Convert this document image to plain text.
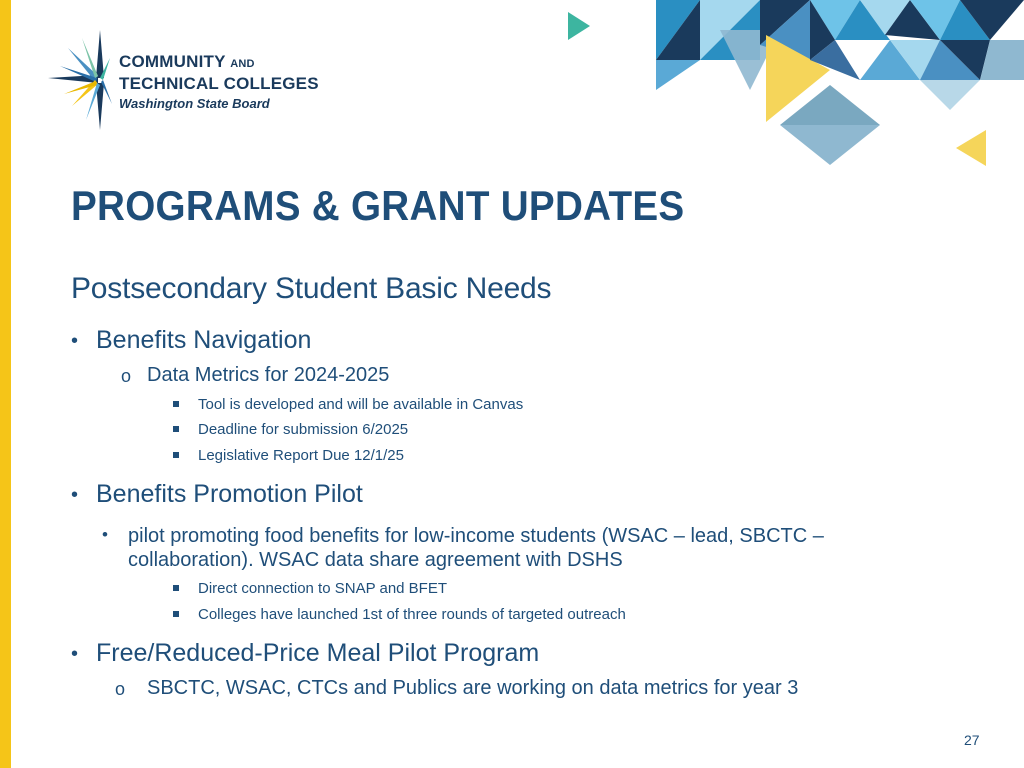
COMMUNITY AND
TECHNICAL COLLEGES
Washington State Board
PROGRAMS & GRANT UPDATES
Postsecondary Student Basic Needs
• Benefits Navigation
o Data Metrics for 2024-2025
Tool is developed and will be available in Canvas
Deadline for submission 6/2025
Legislative Report Due 12/1/25
• Benefits Promotion Pilot
• pilot promoting food benefits for low-income students (WSAC – lead, SBCTC –
collaboration). WSAC data share agreement with DSHS
Direct connection to SNAP and BFET
Colleges have launched 1st of three rounds of targeted outreach
• Free/Reduced-Price Meal Pilot Program
o SBCTC, WSAC, CTCs and Publics are working on data metrics for year 3
27
